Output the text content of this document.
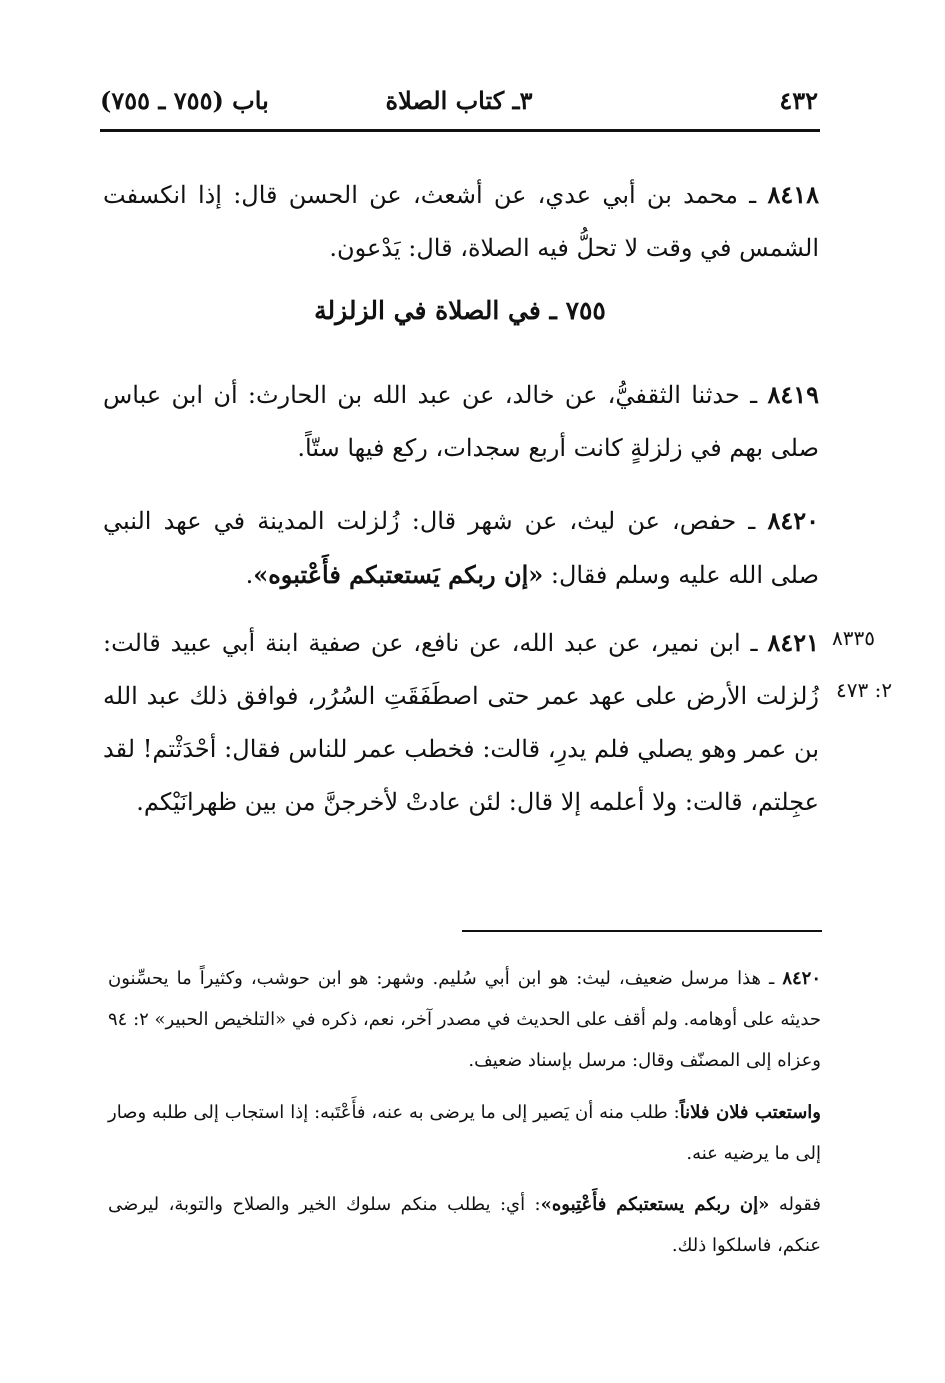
٤٣٢
٣ـ كتاب الصلاة
باب (٧٥٥ ـ ٧٥٥)

٨٤١٨ ـ محمد بن أبي عدي، عن أشعث، عن الحسن قال: إذا انكسفت الشمس في وقت لا تحلُّ فيه الصلاة، قال: يَدْعون.

٧٥٥ ـ في الصلاة في الزلزلة

٨٤١٩ ـ حدثنا الثقفيُّ، عن خالد، عن عبد الله بن الحارث: أن ابن عباس صلى بهم في زلزلةٍ كانت أربع سجدات، ركع فيها ستّاً.

٨٤٢٠ ـ حفص، عن ليث، عن شهر قال: زُلزلت المدينة في عهد النبي صلى الله عليه وسلم فقال: «إن ربكم يَستعتبكم فأَعْتبوه».

٨٤٢١ ـ ابن نمير، عن عبد الله، عن نافع، عن صفية ابنة أبي عبيد قالت: زُلزلت الأرض على عهد عمر حتى اصطَفَقَتِ السُرُر، فوافق ذلك عبد الله بن عمر وهو يصلي فلم يدرِ، قالت: فخطب عمر للناس فقال: أحْدَثْتم! لقد عجِلتم، قالت: ولا أعلمه إلا قال: لئن عادتْ لأخرجنَّ من بين ظهرانَيْكم.

٨٣٣٥
٢: ٤٧٣

٨٤٢٠ ـ هذا مرسل ضعيف، ليث: هو ابن أبي سُليم. وشهر: هو ابن حوشب، وكثيراً ما يحسِّنون حديثه على أوهامه. ولم أقف على الحديث في مصدر آخر، نعم، ذكره في «التلخيص الحبير» ٢: ٩٤ وعزاه إلى المصنّف وقال: مرسل بإسناد ضعيف.

واستعتب فلان فلاناً: طلب منه أن يَصير إلى ما يرضى به عنه، فأَعْتَبه: إذا استجاب إلى طلبه وصار إلى ما يرضيه عنه.

فقوله «إن ربكم يستعتبكم فأَعْتِبوه»: أي: يطلب منكم سلوك الخير والصلاح والتوبة، ليرضى عنكم، فاسلكوا ذلك.
